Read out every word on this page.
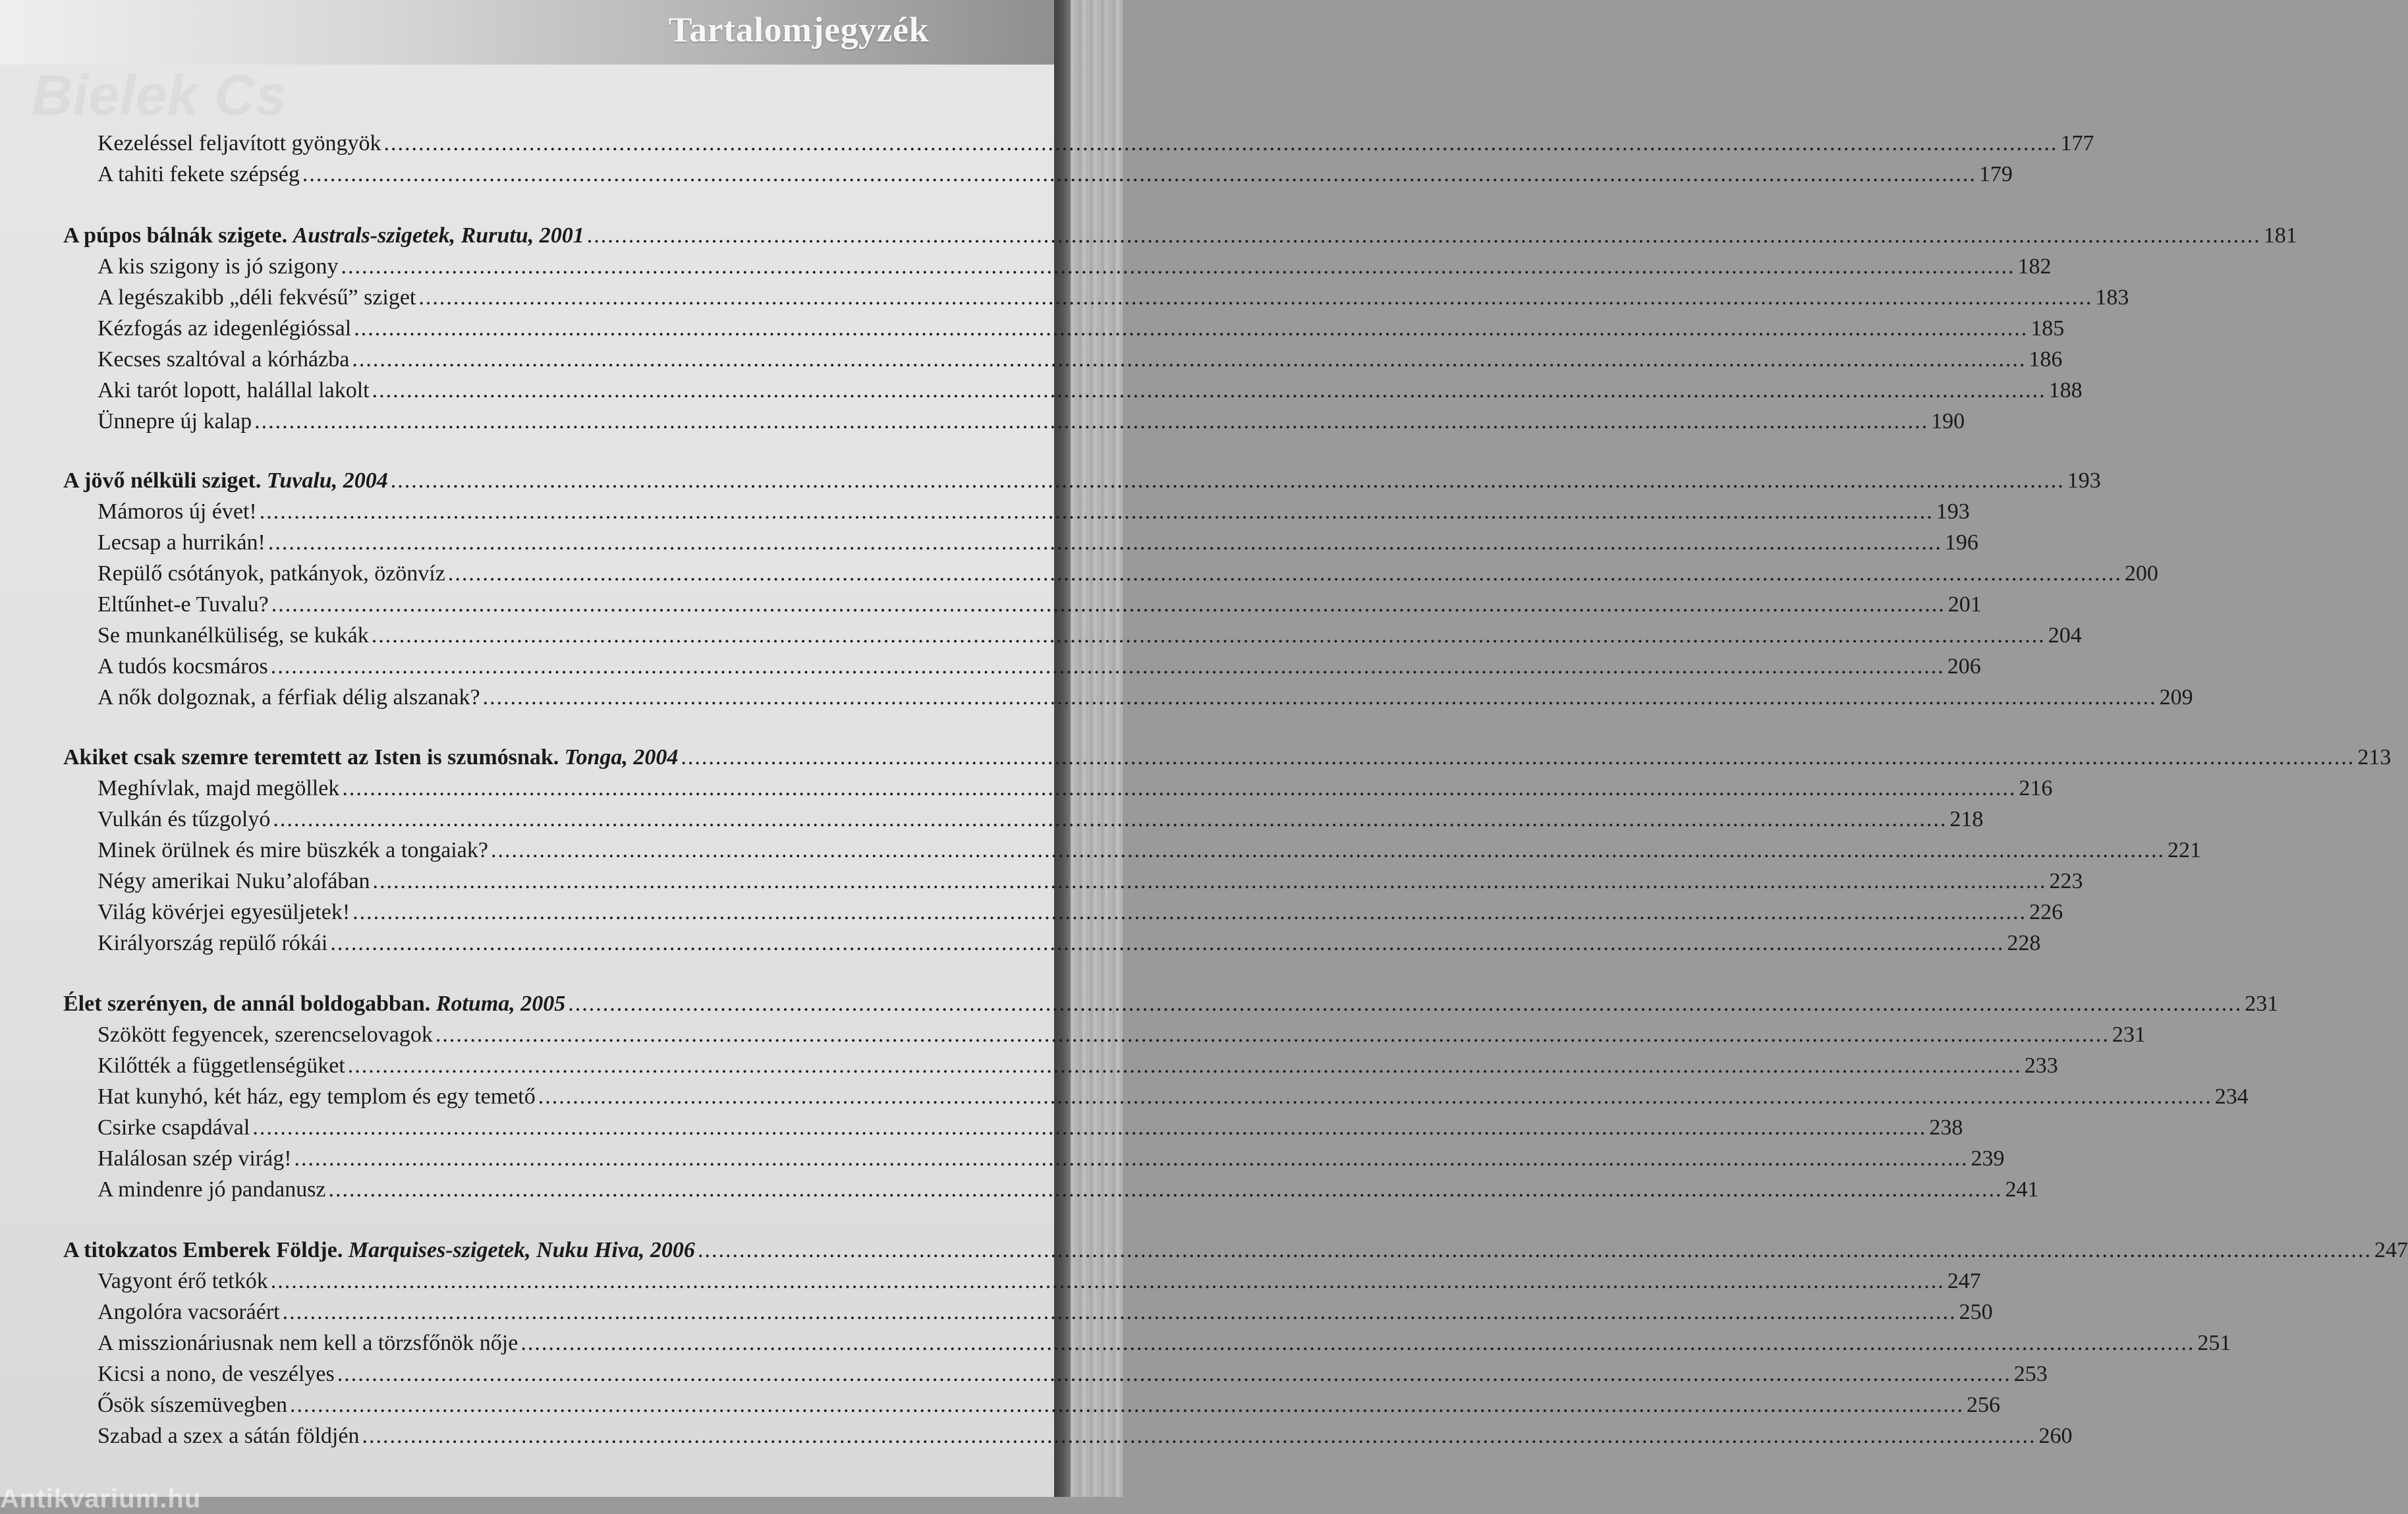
Tartalomjegyzék
Kezeléssel feljavított gyöngyök .....	177
A tahiti fekete szépség .....	179
A púpos bálnák szigete. Australs-szigetek, Rurutu, 2001 .....	181
A kis szigony is jó szigony .....	182
A legészakibb „déli fekvésű” sziget .....	183
Kézfogás az idegenlégióssal .....	185
Kecses szaltóval a kórházba .....	186
Aki tarót lopott, halállal lakolt .....	188
Ünnepre új kalap .....	190
A jövő nélküli sziget. Tuvalu, 2004 .....	193
Mámoros új évet! .....	193
Lecsap a hurrikán! .....	196
Repülő csótányok, patkányok, özönvíz .....	200
Eltűnhet-e Tuvalu? .....	201
Se munkanélküliség, se kukák .....	204
A tudós kocsmáros .....	206
A nők dolgoznak, a férfiak délig alszanak? .....	209
Akiket csak szemre teremtett az Isten is szumósnak. Tonga, 2004 .....	213
Meghívlak, majd megöllek .....	216
Vulkán és tűzgolyó .....	218
Minek örülnek és mire büszkék a tongaiak? .....	221
Négy amerikai Nuku’alofában .....	223
Világ kövérjei egyesüljetek! .....	226
Királyország repülő rókái .....	228
Élet szerényen, de annál boldogabban. Rotuma, 2005 .....	231
Szökött fegyencek, szerencselovagok .....	231
Kilőtték a függetlenségüket .....	233
Hat kunyhó, két ház, egy templom és egy temető .....	234
Csirke csapdával .....	238
Halálosan szép virág! .....	239
A mindenre jó pandanusz .....	241
A titokzatos Emberek Földje. Marquises-szigetek, Nuku Hiva, 2006 .....	247
Vagyont érő tetkók .....	247
Angolóra vacsoráért .....	250
A misszionáriusnak nem kell a törzsfőnök nője .....	251
Kicsi a nono, de veszélyes .....	253
Ősök síszemüvegben .....	256
Szabad a szex a sátán földjén .....	260
Antikvarium.hu
